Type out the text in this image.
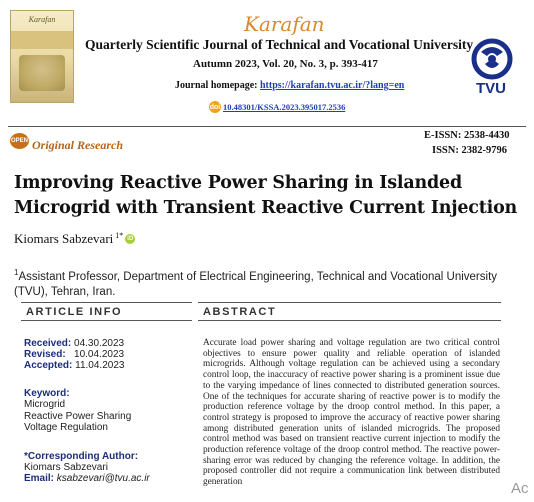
Karafan	Karafan
Quarterly Scientific Journal of Technical and Vocational University
Autumn 2023, Vol. 20, No. 3, p. 393-417
Journal homepage: https://karafan.tvu.ac.ir/?lang=en
doi 10.48301/KSSA.2023.395017.2536
TVU
OPEN Original Research
E-ISSN: 2538-4430
ISSN: 2382-9796
Improving Reactive Power Sharing in Islanded Microgrid with Transient Reactive Current Injection
Kiomars Sabzevari $^{1*}$ iD
$^1$Assistant Professor, Department of Electrical Engineering, Technical and Vocational University (TVU), Tehran, Iran.
ARTICLE INFO	ABSTRACT
Received: 04.30.2023
Revised:   10.04.2023
Accepted: 11.04.2023
Keyword:
Microgrid
Reactive Power Sharing
Voltage Regulation
*Corresponding Author:
Kiomars Sabzevari
Email: ksabzevari@tvu.ac.ir
Accurate load power sharing and voltage regulation are two critical control objectives to ensure power quality and reliable operation of islanded microgrids. Although voltage regulation can be achieved using a secondary control loop, the inaccuracy of reactive power sharing is a prominent issue due to the varying impedance of lines connected to distributed generation sources. One of the techniques for accurate sharing of reactive power is to modify the production reference voltage by the droop control method. In this paper, a control strategy is proposed to improve the accuracy of reactive power sharing among distributed generation units of islanded microgrids. The proposed control method was based on transient reactive current injection to modify the production reference voltage of the droop control method. The reactive power-sharing error was reduced by changing the reference voltage. In addition, the proposed controller did not require a communication link between distributed generation	Ac
